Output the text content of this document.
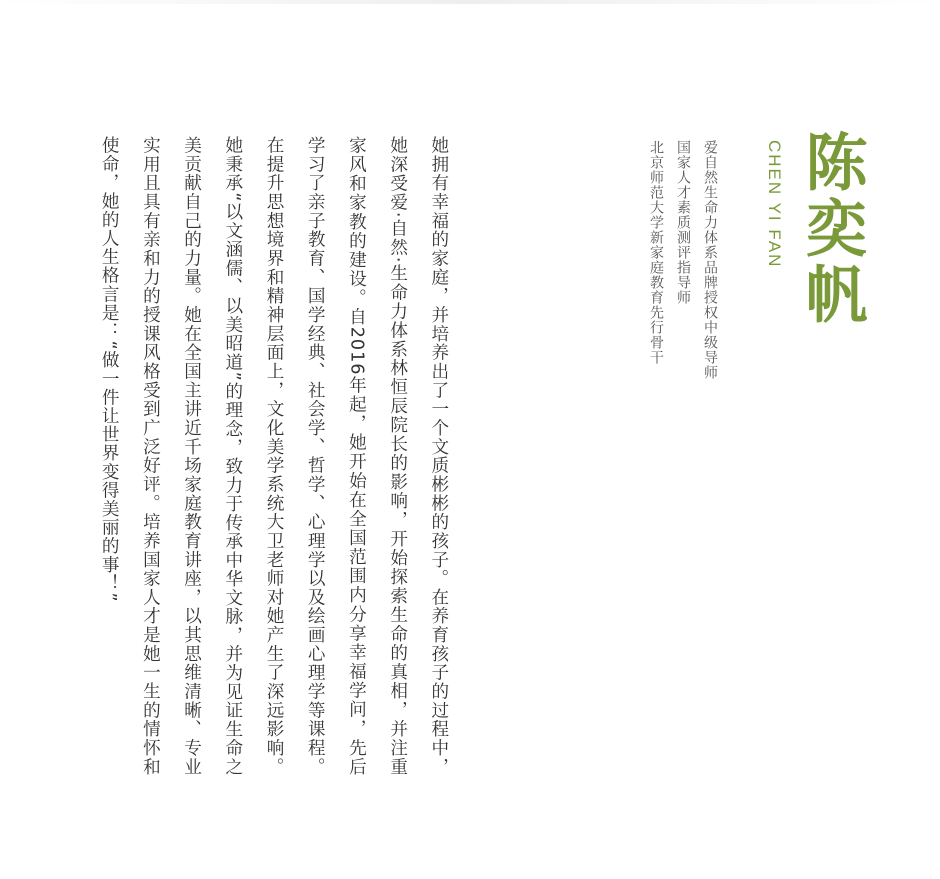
陈奕帆
CHEN YI FAN
爱自然生命力体系品牌授权中级导师
国家人才素质测评指导师
北京师范大学新家庭教育先行骨干

她拥有幸福的家庭，并培养出了一个文质彬彬的孩子。在养育孩子的过程中，她深受爱·自然·生命力体系林恒辰院长的影响，开始探索生命的真相，并注重家风和家教的建设。自2016年起，她开始在全国范围内分享幸福学问，先后学习了亲子教育、国学经典、社会学、哲学、心理学以及绘画心理学等课程。在提升思想境界和精神层面上，文化美学系统大卫老师对她产生了深远影响。她秉承“以文涵儒、以美昭道”的理念，致力于传承中华文脉，并为见证生命之美贡献自己的力量。她在全国主讲近千场家庭教育讲座，以其思维清晰、专业实用且具有亲和力的授课风格受到广泛好评。培养国家人才是她一生的情怀和使命，她的人生格言是：“做一件让世界变得美丽的事！”
